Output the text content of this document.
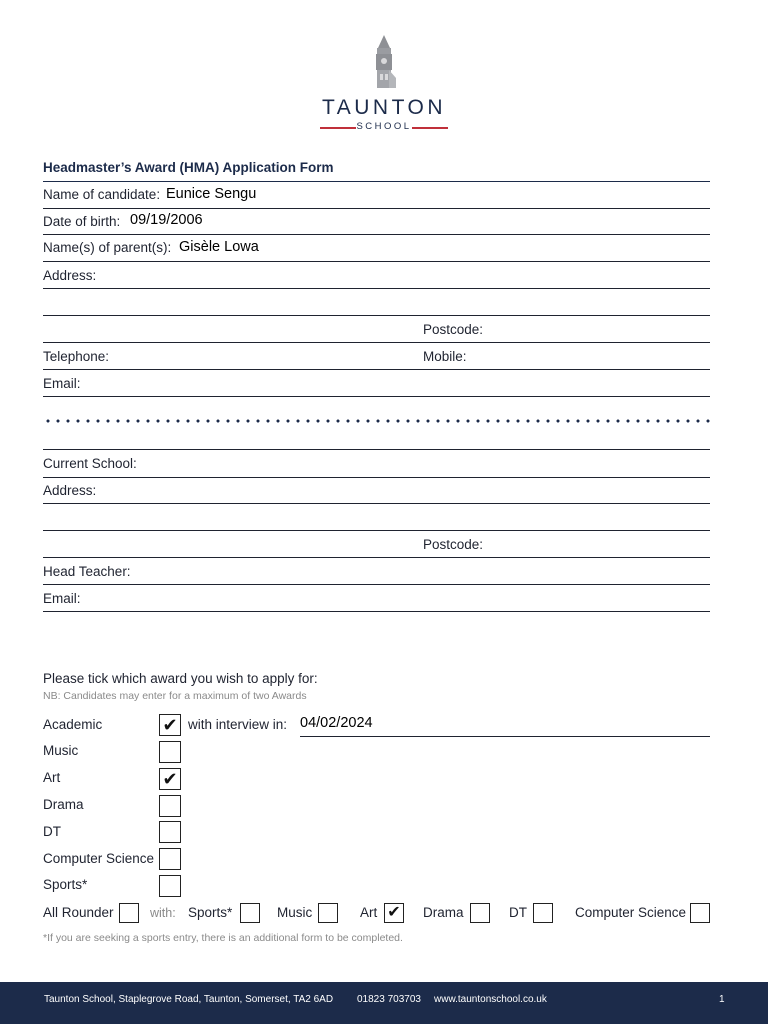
TAUNTON
SCHOOL
Headmaster’s Award (HMA) Application Form
Name of candidate: Eunice Sengu
Date of birth: 09/19/2006
Name(s) of parent(s): Gisèle Lowa
Address:
Postcode:
Telephone:	Mobile:
Email:
Current School:
Address:
Postcode:
Head Teacher:
Email:
Please tick which award you wish to apply for:
NB: Candidates may enter for a maximum of two Awards
Academic	✔ with interview in: 04/02/2024
Music
Art	✔
Drama
DT
Computer Science
Sports*
All Rounder	with: Sports*	Music	Art ✔ Drama	DT	Computer Science
*If you are seeking a sports entry, there is an additional form to be completed.
Taunton School, Staplegrove Road, Taunton, Somerset, TA2 6AD 01823 703703 www.tauntonschool.co.uk	1
